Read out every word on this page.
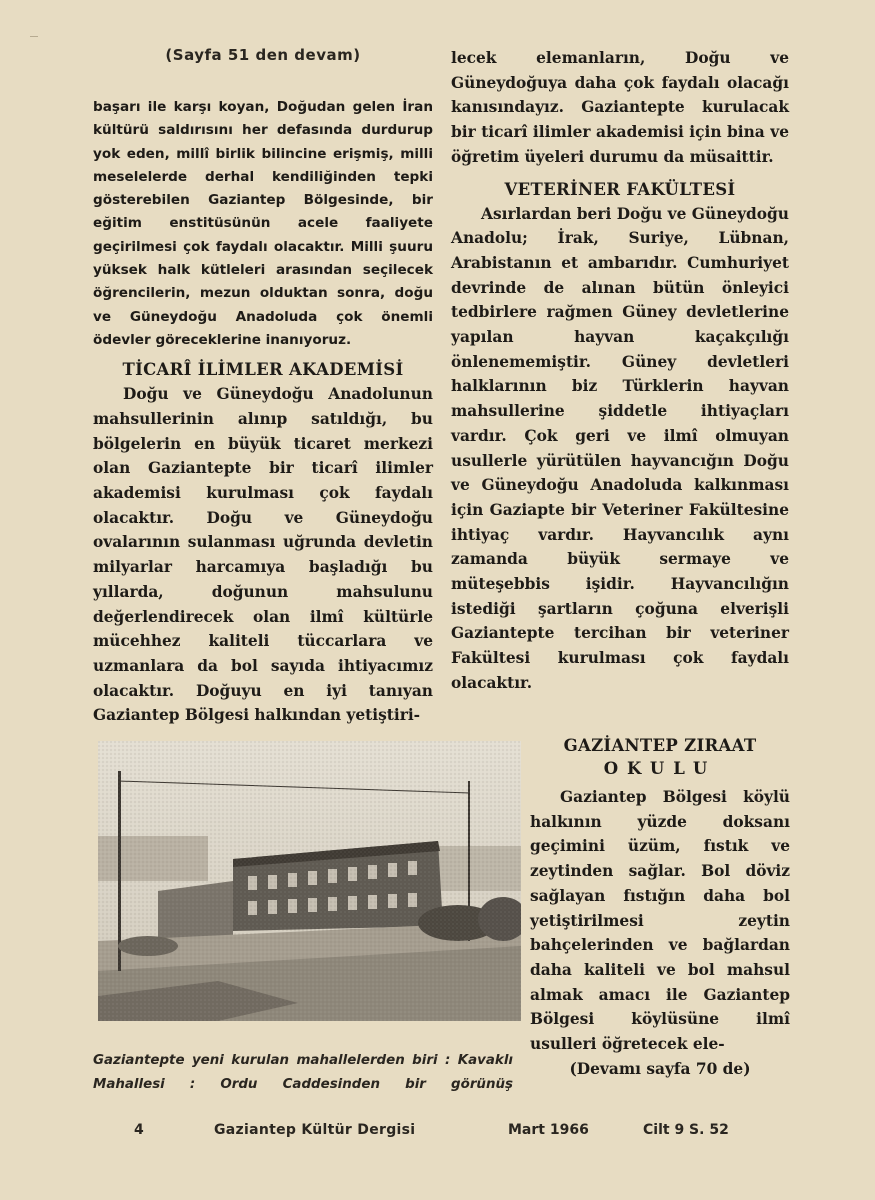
(Sayfa 51 den devam)

başarı ile karşı koyan, Doğudan gelen İran kültürü saldırısını her defasında durdurup yok eden, millî birlik bilincine erişmiş, milli meselelerde derhal kendiliğinden tepki gösterebilen Gaziantep Bölgesinde, bir eğitim enstitüsünün acele faaliyete geçirilmesi çok faydalı olacaktır. Milli şuuru yüksek halk kütleleri arasından seçilecek öğrencilerin, mezun olduktan sonra, doğu ve Güneydoğu Anadoluda çok önemli ödevler göreceklerine inanıyoruz.

TİCARÎ İLİMLER AKADEMİSİ

Doğu ve Güneydoğu Anadolunun mahsullerinin alınıp satıldığı, bu bölgelerin en büyük ticaret merkezi olan Gaziantepte bir ticarî ilimler akademisi kurulması çok faydalı olacaktır. Doğu ve Güneydoğu ovalarının sulanması uğrunda devletin milyarlar harcamıya başladığı bu yıllarda, doğunun mahsulunu değerlendirecek olan ilmî kültürle mücehhez kaliteli tüccarlara ve uzmanlara da bol sayıda ihtiyacımız olacaktır. Doğuyu en iyi tanıyan Gaziantep Bölgesi halkından yetiştiri-

lecek elemanların, Doğu ve Güneydoğuya daha çok faydalı olacağı kanısındayız. Gaziantepte kurulacak bir ticarî ilimler akademisi için bina ve öğretim üyeleri durumu da müsaittir.

VETERİNER FAKÜLTESİ

Asırlardan beri Doğu ve Güneydoğu Anadolu; İrak, Suriye, Lübnan, Arabistanın et ambarıdır. Cumhuriyet devrinde de alınan bütün önleyici tedbirlere rağmen Güney devletlerine yapılan hayvan kaçakçılığı önlenememiştir. Güney devletleri halklarının biz Türklerin hayvan mahsullerine şiddetle ihtiyaçları vardır. Çok geri ve ilmî olmuyan usullerle yürütülen hayvancığın Doğu ve Güneydoğu Anadoluda kalkınması için Gaziapte bir Veteriner Fakültesine ihtiyaç vardır. Hayvancılık aynı zamanda büyük sermaye ve müteşebbis işidir. Hayvancılığın istediği şartların çoğuna elverişli Gaziantepte tercihan bir veteriner Fakültesi kurulması çok faydalı olacaktır.

GAZİANTEP ZIRAAT
OKULU

Gaziantep Bölgesi köylü halkının yüzde doksanı geçimini üzüm, fıstık ve zeytinden sağlar. Bol döviz sağlayan fıstığın daha bol yetiştirilmesi zeytin bahçelerinden ve bağlardan daha kaliteli ve bol mahsul almak amacı ile Gaziantep Bölgesi köylüsüne ilmî usulleri öğretecek ele-

(Devamı sayfa 70 de)

Gaziantepte yeni kurulan mahallelerden biri : Kavaklı Mahallesi : Ordu Caddesinden bir görünüş

4	Gaziantep Kültür Dergisi	Mart 1966	Cilt 9 S. 52
